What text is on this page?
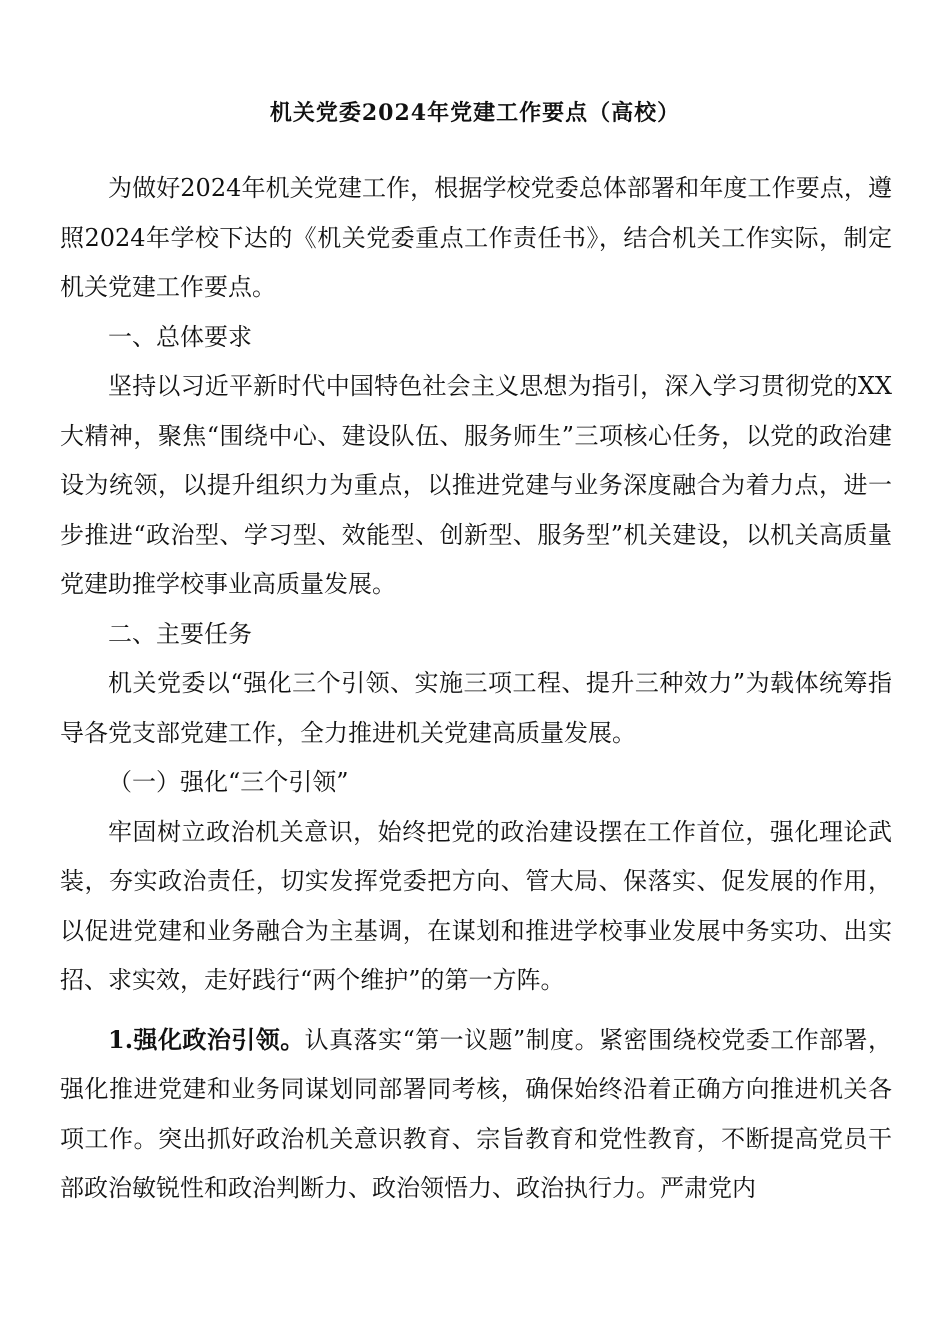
机关党委2024年党建工作要点（高校）

为做好2024年机关党建工作，根据学校党委总体部署和年度工作要点，遵照2024年学校下达的《机关党委重点工作责任书》，结合机关工作实际，制定机关党建工作要点。

一、总体要求

坚持以习近平新时代中国特色社会主义思想为指引，深入学习贯彻党的XX大精神，聚焦“围绕中心、建设队伍、服务师生”三项核心任务，以党的政治建设为统领，以提升组织力为重点，以推进党建与业务深度融合为着力点，进一步推进“政治型、学习型、效能型、创新型、服务型”机关建设，以机关高质量党建助推学校事业高质量发展。

二、主要任务

机关党委以“强化三个引领、实施三项工程、提升三种效力”为载体统筹指导各党支部党建工作，全力推进机关党建高质量发展。

（一）强化“三个引领”

牢固树立政治机关意识，始终把党的政治建设摆在工作首位，强化理论武装，夯实政治责任，切实发挥党委把方向、管大局、保落实、促发展的作用，以促进党建和业务融合为主基调，在谋划和推进学校事业发展中务实功、出实招、求实效，走好践行“两个维护”的第一方阵。

1.强化政治引领。认真落实“第一议题”制度。紧密围绕校党委工作部署，强化推进党建和业务同谋划同部署同考核，确保始终沿着正确方向推进机关各项工作。突出抓好政治机关意识教育、宗旨教育和党性教育，不断提高党员干部政治敏锐性和政治判断力、政治领悟力、政治执行力。严肃党内
